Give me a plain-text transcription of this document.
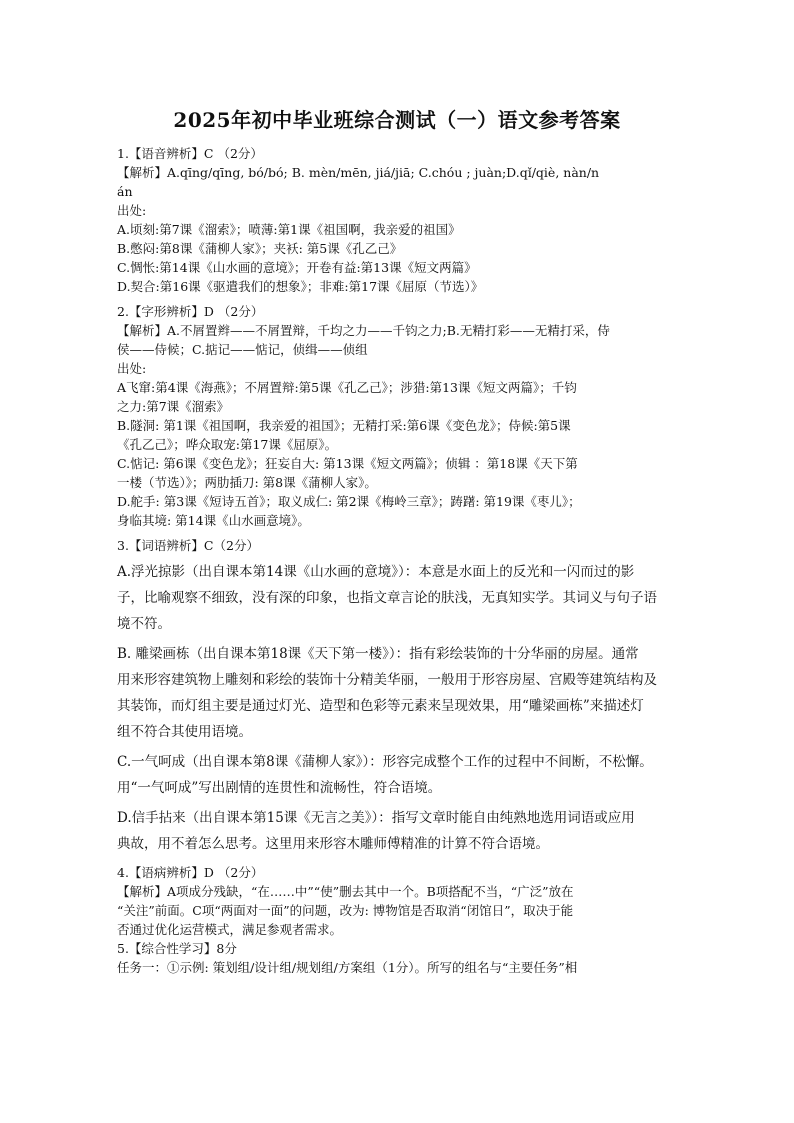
2025年初中毕业班综合测试（一）语文参考答案

1.【语音辨析】C （2分）

【解析】A.qīng/qīng, bó/bó; B. mèn/mēn, jiá/jiā; C.chóu ; juàn;D.qǐ/qiè, nàn/n

án

出处:

A.顷刻:第7课《溜索》；喷薄:第1课《祖国啊，我亲爱的祖国》

B.憋闷:第8课《蒲柳人家》；夹袄: 第5课《孔乙己》

C.惆怅:第14课《山水画的意境》；开卷有益:第13课《短文两篇》

D.契合:第16课《驱遣我们的想象》；非难:第17课《屈原（节选）》

2.【字形辨析】D （2分）

【解析】A.不屑置辫——不屑置辩，千均之力——千钧之力;B.无精打彩——无精打采，侍

侯——侍候；C.掂记——惦记，侦缉——侦组

出处:

A飞窜:第4课《海燕》；不屑置辩:第5课《孔乙己》；涉猎:第13课《短文两篇》；千钧

之力:第7课《溜索》

B.隧洞: 第1课《祖国啊，我亲爱的祖国》；无精打采:第6课《变色龙》；侍候:第5课

《孔乙己》；哗众取宠:第17课《屈原》。

C.惦记: 第6课《变色龙》；狂妄自大: 第13课《短文两篇》；侦辑 ：第18课《天下第

一楼（节选）》；两肋插刀: 第8课《蒲柳人家》。

D.舵手: 第3课《短诗五首》；取义成仁: 第2课《梅岭三章》；踌躇: 第19课《枣儿》；

身临其境: 第14课《山水画意境》。

3.【词语辨析】C（2分）

A.浮光掠影（出自课本第14课《山水画的意境》）：本意是水面上的反光和一闪而过的影

子，比喻观察不细致，没有深的印象，也指文章言论的肤浅，无真知实学。其词义与句子语

境不符。

B. 雕梁画栋（出自课本第18课《天下第一楼》）：指有彩绘装饰的十分华丽的房屋。通常

用来形容建筑物上雕刻和彩绘的装饰十分精美华丽，一般用于形容房屋、宫殿等建筑结构及

其装饰，而灯组主要是通过灯光、造型和色彩等元素来呈现效果，用“雕梁画栋”来描述灯

组不符合其使用语境。

C.一气呵成（出自课本第8课《蒲柳人家》）：形容完成整个工作的过程中不间断，不松懈。

用“一气呵成”写出剧情的连贯性和流畅性，符合语境。

D.信手拈来（出自课本第15课《无言之美》）：指写文章时能自由纯熟地选用词语或应用

典故，用不着怎么思考。这里用来形容木雕师傅精准的计算不符合语境。

4.【语病辨析】D （2分）

【解析】A项成分残缺，“在……中”“使”删去其中一个。B项搭配不当，“广泛”放在

“关注”前面。C项“两面对一面”的问题，改为: 博物馆是否取消“闭馆日”，取决于能

否通过优化运营模式，满足参观者需求。

5.【综合性学习】8分

任务一：①示例: 策划组/设计组/规划组/方案组（1分）。所写的组名与“主要任务”相
